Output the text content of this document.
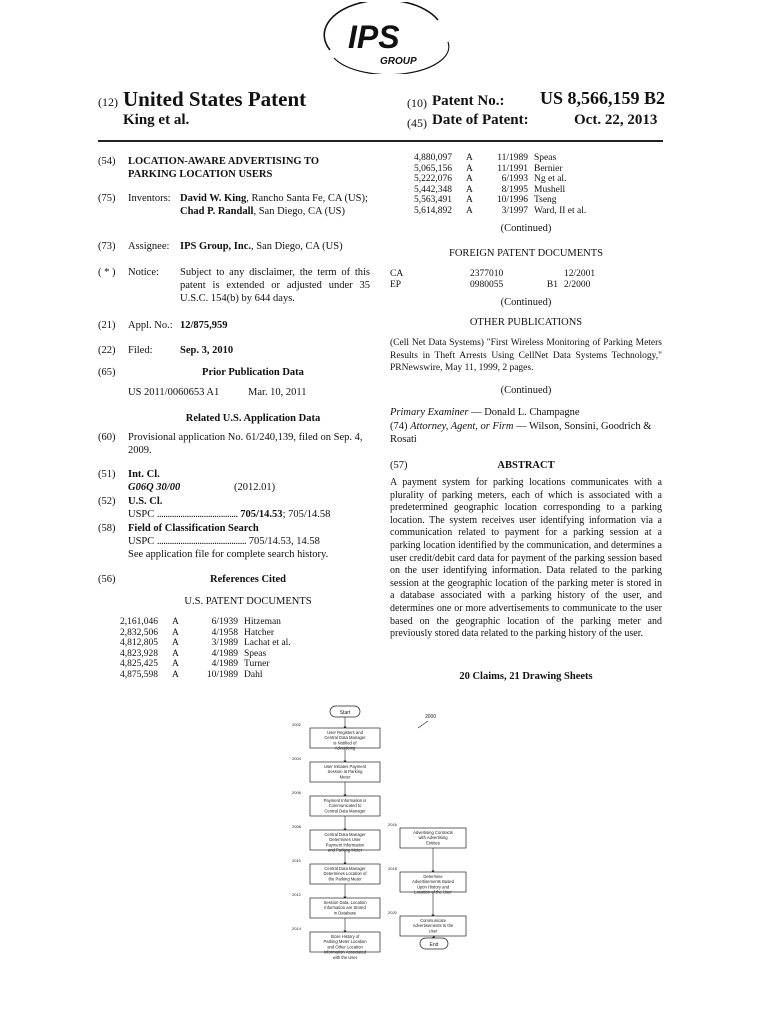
IPS
GROUP
(12) United States Patent
King et al.
(10) Patent No.: US 8,566,159 B2
(45) Date of Patent:	Oct. 22, 2013
(54)	LOCATION-AWARE ADVERTISING TO PARKING LOCATION USERS
(75)	Inventors: David W. King, Rancho Santa Fe, CA (US); Chad P. Randall, San Diego, CA (US)
(73)	Assignee: IPS Group, Inc., San Diego, CA (US)
( * )	Notice: Subject to any disclaimer, the term of this patent is extended or adjusted under 35 U.S.C. 154(b) by 644 days.
(21)	Appl. No.: 12/875,959
(22)	Filed:	Sep. 3, 2010
(65)	Prior Publication Data
US 2011/0060653 A1	Mar. 10, 2011
Related U.S. Application Data
(60)	Provisional application No. 61/240,139, filed on Sep. 4, 2009.
(51)	Int. Cl.
G06Q 30/00	(2012.01)
(52)	U.S. Cl.
USPC ...................................... 705/14.53; 705/14.58
(58)	Field of Classification Search
USPC .......................................... 705/14.53, 14.58
See application file for complete search history.
(56)	References Cited
U.S. PATENT DOCUMENTS
2,161,046	A	6/1939	Hitzeman
2,832,506	A	4/1958	Hatcher
4,812,805	A	3/1989	Lachat et al.
4,823,928	A	4/1989	Speas
4,825,425	A	4/1989	Turner
4,875,598	A	10/1989	Dahl
4,880,097	A	11/1989	Speas
5,065,156	A	11/1991	Bernier
5,222,076	A	6/1993	Ng et al.
5,442,348	A	8/1995	Mushell
5,563,491	A	10/1996	Tseng
5,614,892	A	3/1997	Ward, II et al.
(Continued)
FOREIGN PATENT DOCUMENTS
CA	2377010		12/2001
EP	0980055	B1	2/2000
(Continued)
OTHER PUBLICATIONS
(Cell Net Data Systems) "First Wireless Monitoring of Parking Meters Results in Theft Arrests Using CellNet Data Systems Technology," PRNewswire, May 11, 1999, 2 pages.
(Continued)
Primary Examiner — Donald L. Champagne
(74) Attorney, Agent, or Firm — Wilson, Sonsini, Goodrich & Rosati
(57)	ABSTRACT
A payment system for parking locations communicates with a plurality of parking meters, each of which is associated with a predetermined geographic location corresponding to a parking location. The system receives user identifying information via a communication related to payment for a parking session at a parking location identified by the communication, and determines a user credit/debit card data for payment of the parking session based on the user identifying information. Data related to the parking session at the geographic location of the parking meter is stored in a database associated with a parking history of the user, and determines one or more advertisements to communicate to the user based on the geographic location of the parking meter and previously stored data related to the parking history of the user.
20 Claims, 21 Drawing Sheets
2000
Start
User Registers and
Central Data Manager
is Notified of
Advertising
2002
User Initiates Payment
Session at Parking
Meter
2004
Payment Information is
Communicated to
Central Data Manager
2006
Central Data Manager
Determines User
Payment Information
and Parking Meter
2008
Central Data Manager
Determines Location of
the Parking Meter
2010
Session Data, Location
Information are Stored
in Database
2012
Store History of
Parking Meter Location
and Other Location
Information Associated
with the User
2014
Advertising Contracts
with Advertising
Entities
2016
Determine
Advertisements Based
Upon History and
Location of the User
2018
Communicate
Advertisements to the
User
2020
End
